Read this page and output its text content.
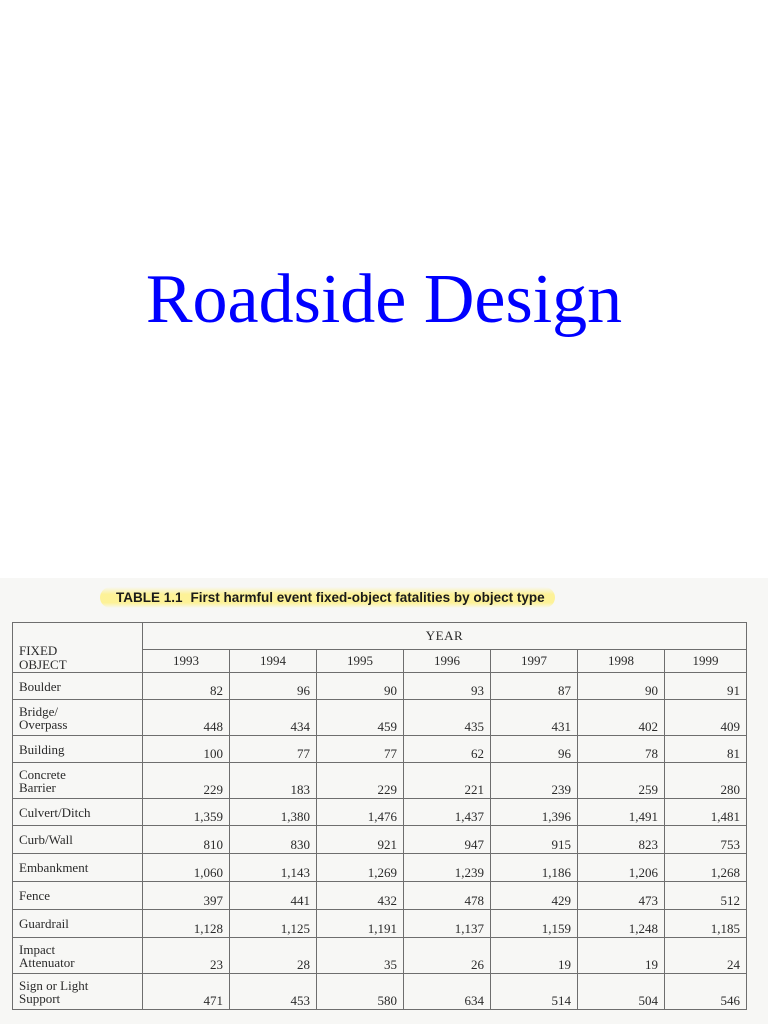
Roadside Design
TABLE 1.1 First harmful event fixed-object fatalities by object type
FIXED
OBJECT	YEAR						
	1993	1994	1995	1996	1997	1998	1999

Boulder	82	96	90	93	87	90	91

Bridge/
Overpass	448	434	459	435	431	402	409

Building	100	77	77	62	96	78	81

Concrete
Barrier	229	183	229	221	239	259	280

Culvert/Ditch	1,359	1,380	1,476	1,437	1,396	1,491	1,481

Curb/Wall	810	830	921	947	915	823	753

Embankment	1,060	1,143	1,269	1,239	1,186	1,206	1,268

Fence	397	441	432	478	429	473	512

Guardrail	1,128	1,125	1,191	1,137	1,159	1,248	1,185

Impact
Attenuator	23	28	35	26	19	19	24

Sign or Light
Support	471	453	580	634	514	504	546
